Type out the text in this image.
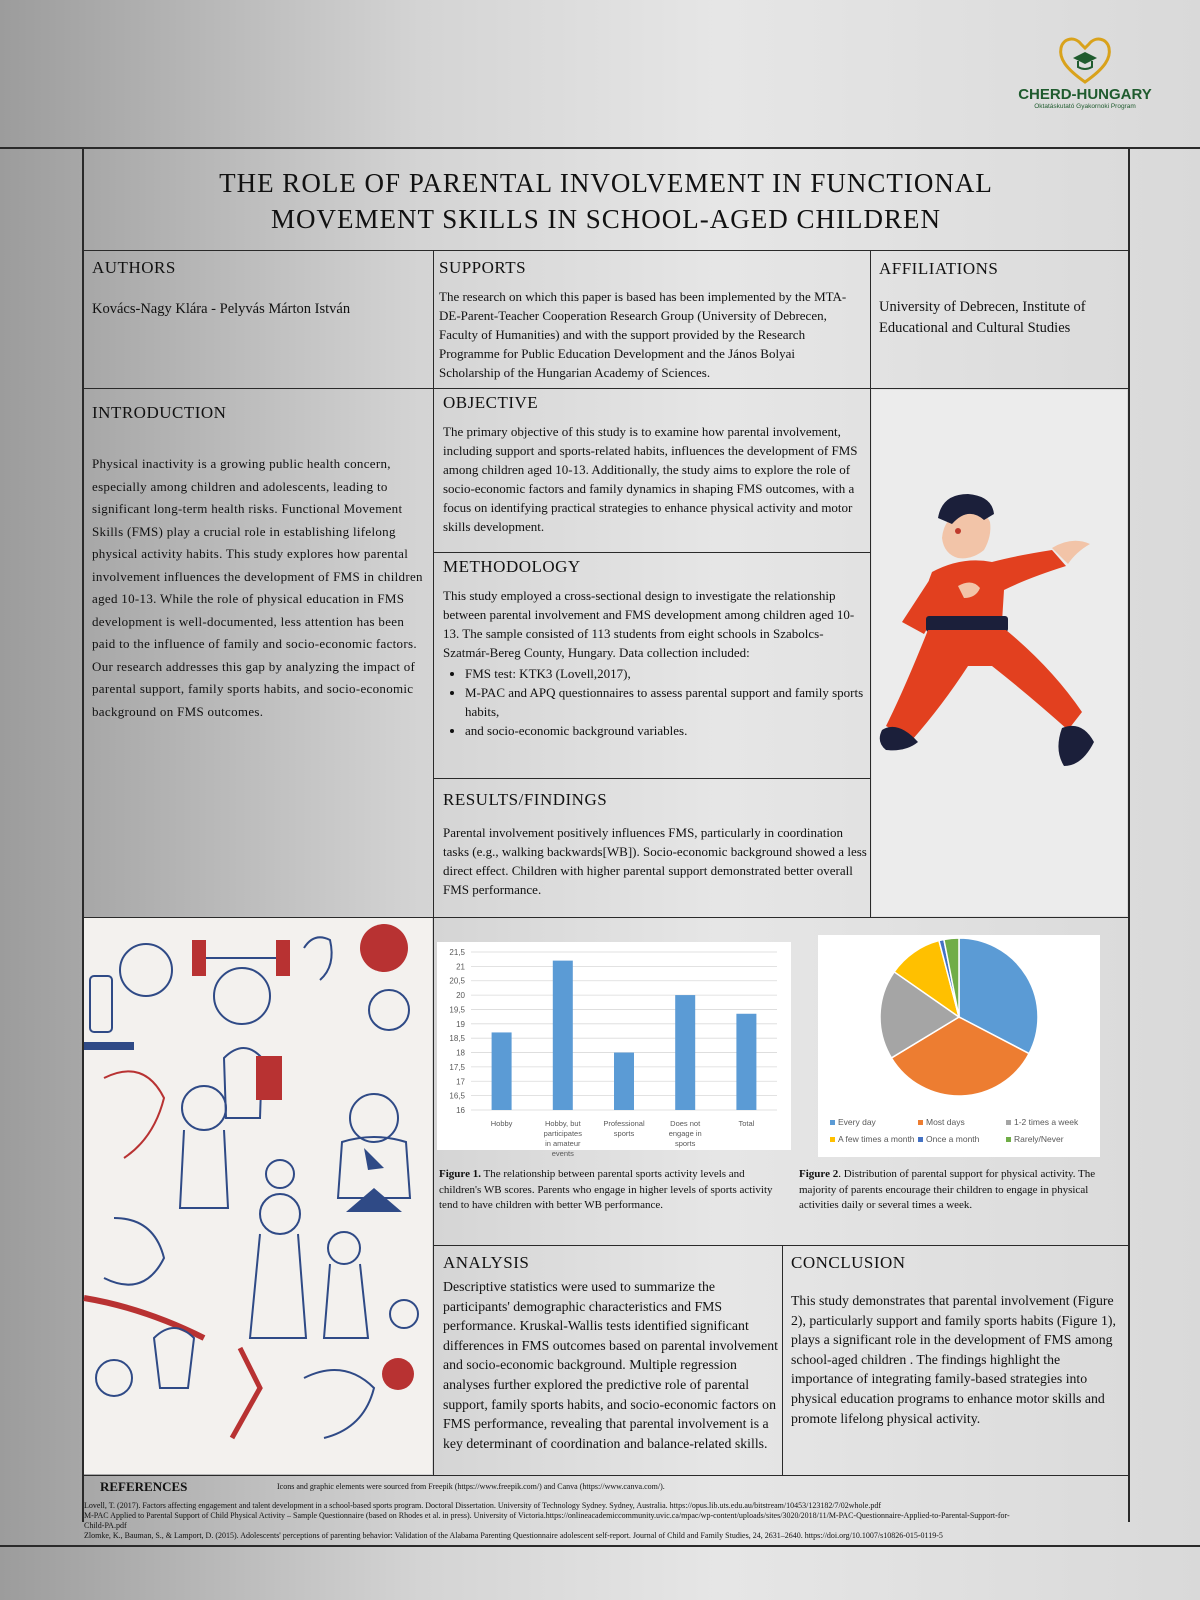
CHERD-HUNGARY
Oktatáskutató Gyakornoki Program
THE ROLE OF PARENTAL INVOLVEMENT IN FUNCTIONAL
MOVEMENT SKILLS IN SCHOOL-AGED CHILDREN
AUTHORS

Kovács-Nagy Klára - Pelyvás Márton István

SUPPORTS

The research on which this paper is based has been implemented by the MTA-DE-Parent-Teacher Cooperation Research Group (University of Debrecen, Faculty of Humanities) and with the support provided by the Research Programme for Public Education Development and the János Bolyai Scholarship of the Hungarian Academy of Sciences.

AFFILIATIONS

University of Debrecen, Institute of Educational and Cultural Studies

INTRODUCTION

Physical inactivity is a growing public health concern, especially among children and adolescents, leading to significant long-term health risks. Functional Movement Skills (FMS) play a crucial role in establishing lifelong physical activity habits. This study explores how parental involvement influences the development of FMS in children aged 10-13. While the role of physical education in FMS development is well-documented, less attention has been paid to the influence of family and socio-economic factors. Our research addresses this gap by analyzing the impact of parental support, family sports habits, and socio-economic background on FMS outcomes.

OBJECTIVE

The primary objective of this study is to examine how parental involvement, including support and sports-related habits, influences the development of FMS among children aged 10-13. Additionally, the study aims to explore the role of socio-economic factors and family dynamics in shaping FMS outcomes, with a focus on identifying practical strategies to enhance physical activity and motor skills development.

METHODOLOGY

This study employed a cross-sectional design to investigate the relationship between parental involvement and FMS development among children aged 10-13. The sample consisted of 113 students from eight schools in Szabolcs-Szatmár-Bereg County, Hungary. Data collection included:

• FMS test: KTK3 (Lovell,2017),
• M-PAC and APQ questionnaires to assess parental support and family sports habits,
• and socio-economic background variables.
RESULTS/FINDINGS

Parental involvement positively influences FMS, particularly in coordination tasks (e.g., walking backwards[WB]). Socio-economic background showed a less direct effect. Children with higher parental support demonstrated better overall FMS performance.

21,5
21
20,5
20
19,5
19
18,5
18
17,5
17
16,5
16
Hobby	Hobby, but participates in amateur events
Professional sports
Does not engage in sports
Total
Figure 1. The relationship between parental sports activity levels and children's WB scores. Parents who engage in higher levels of sports activity tend to have children with better WB performance.
Every day	Most days	1-2 times a week
A few times a month Once a month	Rarely/Never
Figure 2. Distribution of parental support for physical activity. The majority of parents encourage their children to engage in physical activities daily or several times a week.
ANALYSIS

Descriptive statistics were used to summarize the participants' demographic characteristics and FMS performance. Kruskal-Wallis tests identified significant differences in FMS outcomes based on parental involvement and socio-economic background. Multiple regression analyses further explored the predictive role of parental support, family sports habits, and socio-economic factors on FMS performance, revealing that parental involvement is a key determinant of coordination and balance-related skills.

CONCLUSION

This study demonstrates that parental involvement (Figure 2), particularly support and family sports habits (Figure 1), plays a significant role in the development of FMS among school-aged children . The findings highlight the importance of integrating family-based strategies into physical education programs to enhance motor skills and promote lifelong physical activity.

REFERENCES	Icons and graphic elements were sourced from Freepik (https://www.freepik.com/) and Canva (https://www.canva.com/).
Lovell, T. (2017). Factors affecting engagement and talent development in a school-based sports program. Doctoral Dissertation. University of Technology Sydney. Sydney, Australia. https://opus.lib.uts.edu.au/bitstream/10453/123182/7/02whole.pdf
M-PAC Applied to Parental Support of Child Physical Activity – Sample Questionnaire (based on Rhodes et al. in press). University of Victoria.https://onlineacademiccommunity.uvic.ca/mpac/wp-content/uploads/sites/3020/2018/11/M-PAC-Questionnaire-Applied-to-Parental-Support-for-
Child-PA.pdf
Zlomke, K., Bauman, S., & Lamport, D. (2015). Adolescents' perceptions of parenting behavior: Validation of the Alabama Parenting Questionnaire adolescent self-report. Journal of Child and Family Studies, 24, 2631–2640. https://doi.org/10.1007/s10826-015-0119-5
